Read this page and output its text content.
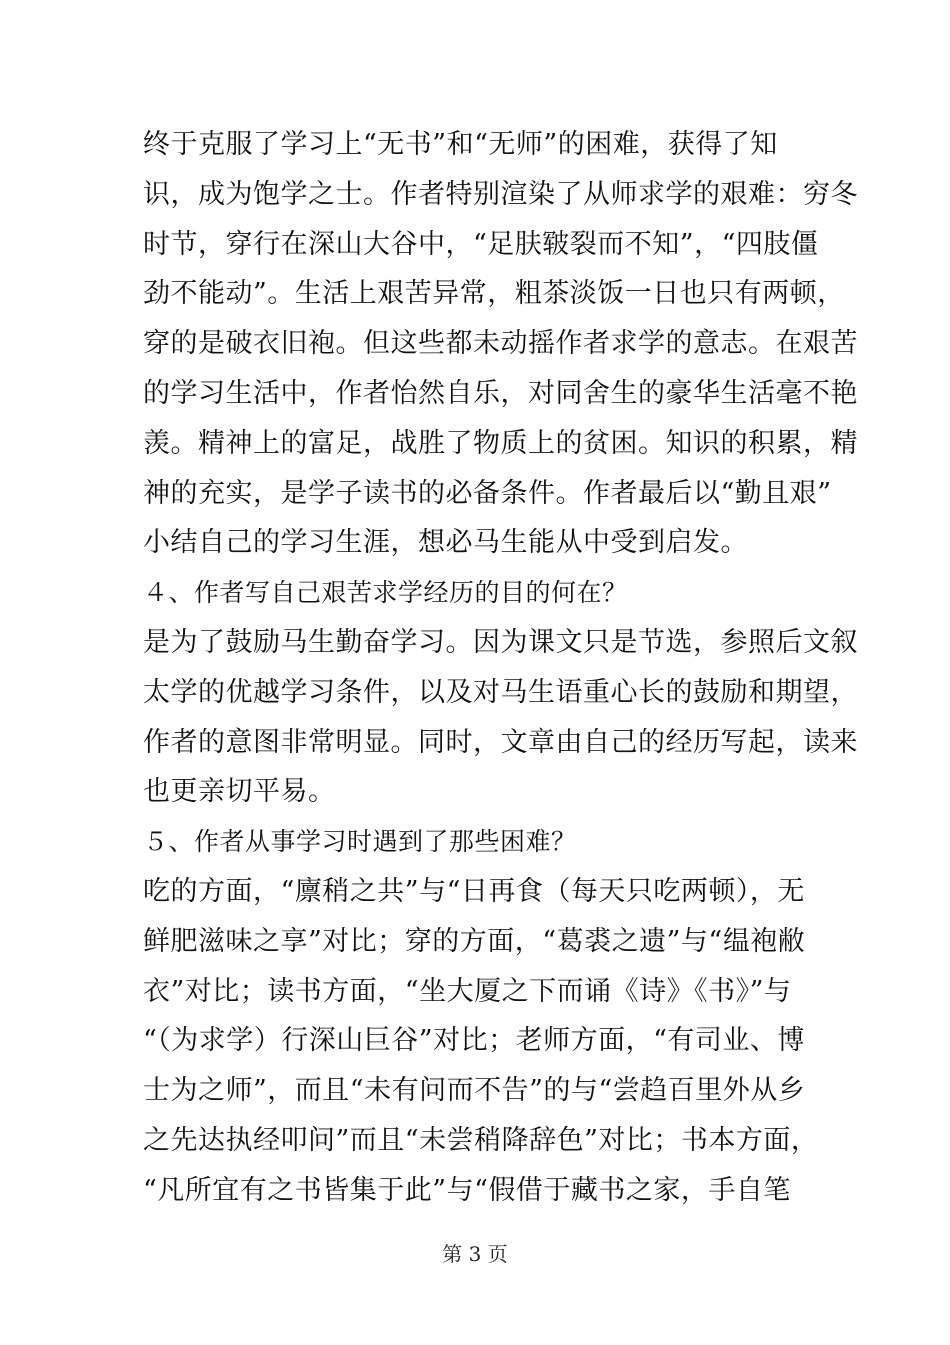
终于克服了学习上“无书”和“无师”的困难，获得了知
识，成为饱学之士。作者特别渲染了从师求学的艰难：穷冬
时节，穿行在深山大谷中，“足肤皲裂而不知”，“四肢僵
劲不能动”。生活上艰苦异常，粗茶淡饭一日也只有两顿，
穿的是破衣旧袍。但这些都未动摇作者求学的意志。在艰苦
的学习生活中，作者怡然自乐，对同舍生的豪华生活毫不艳
羡。精神上的富足，战胜了物质上的贫困。知识的积累，精
神的充实，是学子读书的必备条件。作者最后以“勤且艰”
小结自己的学习生涯，想必马生能从中受到启发。
４、作者写自己艰苦求学经历的目的何在？
是为了鼓励马生勤奋学习。因为课文只是节选，参照后文叙
太学的优越学习条件，以及对马生语重心长的鼓励和期望，
作者的意图非常明显。同时，文章由自己的经历写起，读来
也更亲切平易。
５、作者从事学习时遇到了那些困难？
吃的方面，“廪稍之共”与“日再食（每天只吃两顿），无
鲜肥滋味之享”对比；穿的方面，“葛裘之遗”与“缊袍敝
衣”对比；读书方面，“坐大厦之下而诵《诗》《书》”与
“（为求学）行深山巨谷”对比；老师方面，“有司业、博
士为之师”，而且“未有问而不告”的与“尝趋百里外从乡
之先达执经叩问”而且“未尝稍降辞色”对比；书本方面，
“凡所宜有之书皆集于此”与“假借于藏书之家，手自笔
第 3 页
